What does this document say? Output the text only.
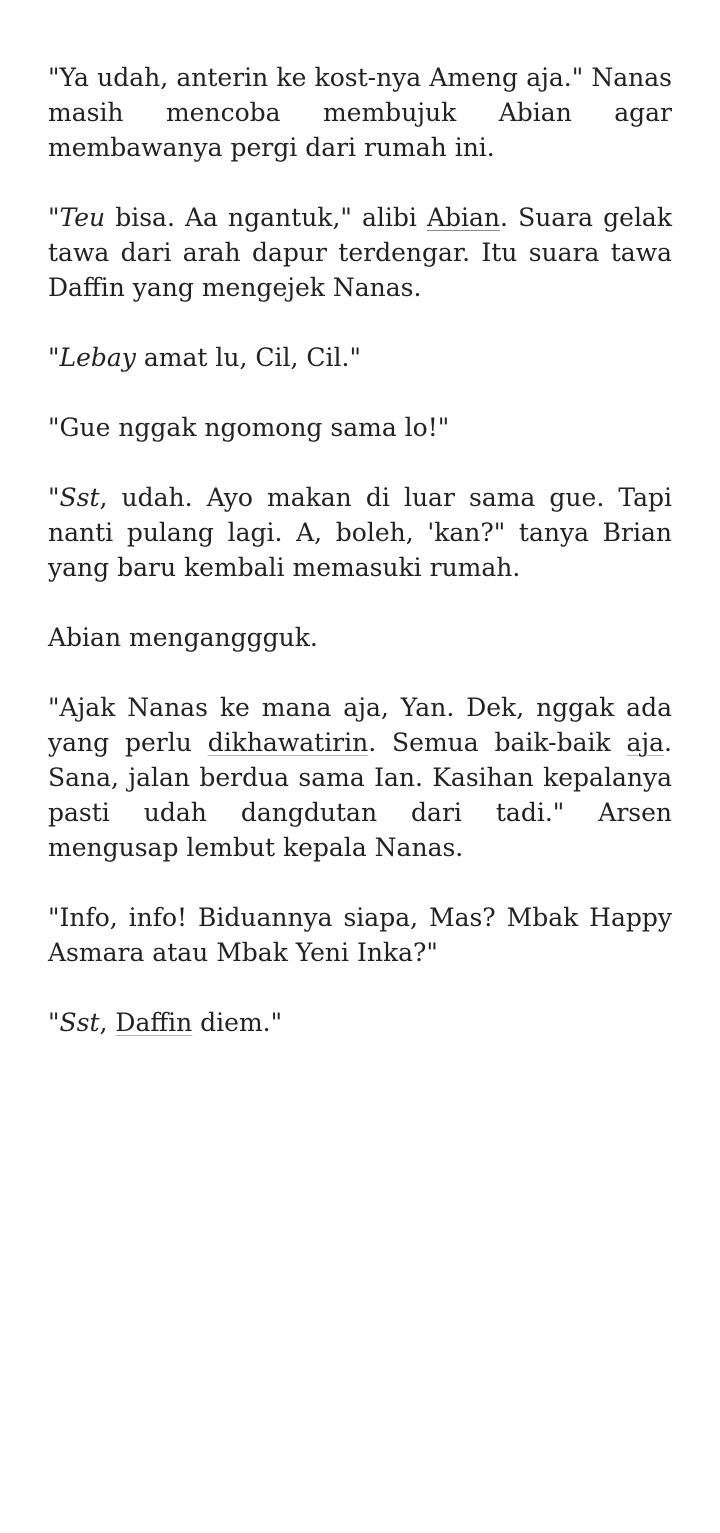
"Ya udah, anterin ke kost-nya Ameng aja." Nanas masih mencoba membujuk Abian agar membawanya pergi dari rumah ini.

"Teu bisa. Aa ngantuk," alibi Abian. Suara gelak tawa dari arah dapur terdengar. Itu suara tawa Daffin yang mengejek Nanas.

"Lebay amat lu, Cil, Cil."

"Gue nggak ngomong sama lo!"

"Sst, udah. Ayo makan di luar sama gue. Tapi nanti pulang lagi. A, boleh, 'kan?" tanya Brian yang baru kembali memasuki rumah.

Abian menganggguk.

"Ajak Nanas ke mana aja, Yan. Dek, nggak ada yang perlu dikhawatirin. Semua baik-baik aja. Sana, jalan berdua sama Ian. Kasihan kepalanya pasti udah dangdutan dari tadi." Arsen mengusap lembut kepala Nanas.

"Info, info! Biduannya siapa, Mas? Mbak Happy Asmara atau Mbak Yeni Inka?"

"Sst, Daffin diem."
